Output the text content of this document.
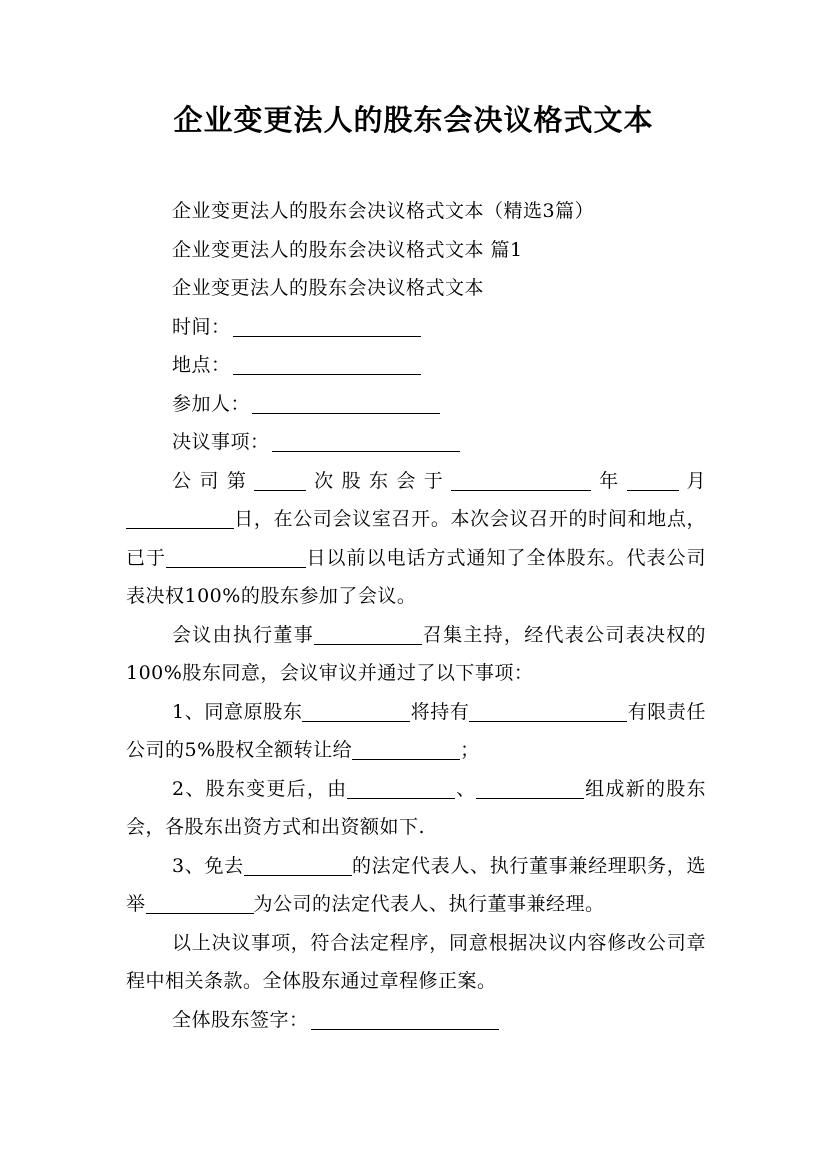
企业变更法人的股东会决议格式文本
企业变更法人的股东会决议格式文本（精选3篇）
企业变更法人的股东会决议格式文本 篇1
企业变更法人的股东会决议格式文本
时间：
地点：
参加人：
决议事项：
公司第	次股东会于	年	月日，在公司会议室召开。本次会议召开的时间和地点，已于	日以前以电话方式通知了全体股东。代表公司表决权100%的股东参加了会议。
会议由执行董事	召集主持，经代表公司表决权的100%股东同意，会议审议并通过了以下事项：
1、同意原股东	将持有	有限责任公司的5%股权全额转让给	；
2、股东变更后，由	、	组成新的股东会，各股东出资方式和出资额如下.
3、免去	的法定代表人、执行董事兼经理职务，选举	为公司的法定代表人、执行董事兼经理。
以上决议事项，符合法定程序，同意根据决议内容修改公司章程中相关条款。全体股东通过章程修正案。
全体股东签字：
